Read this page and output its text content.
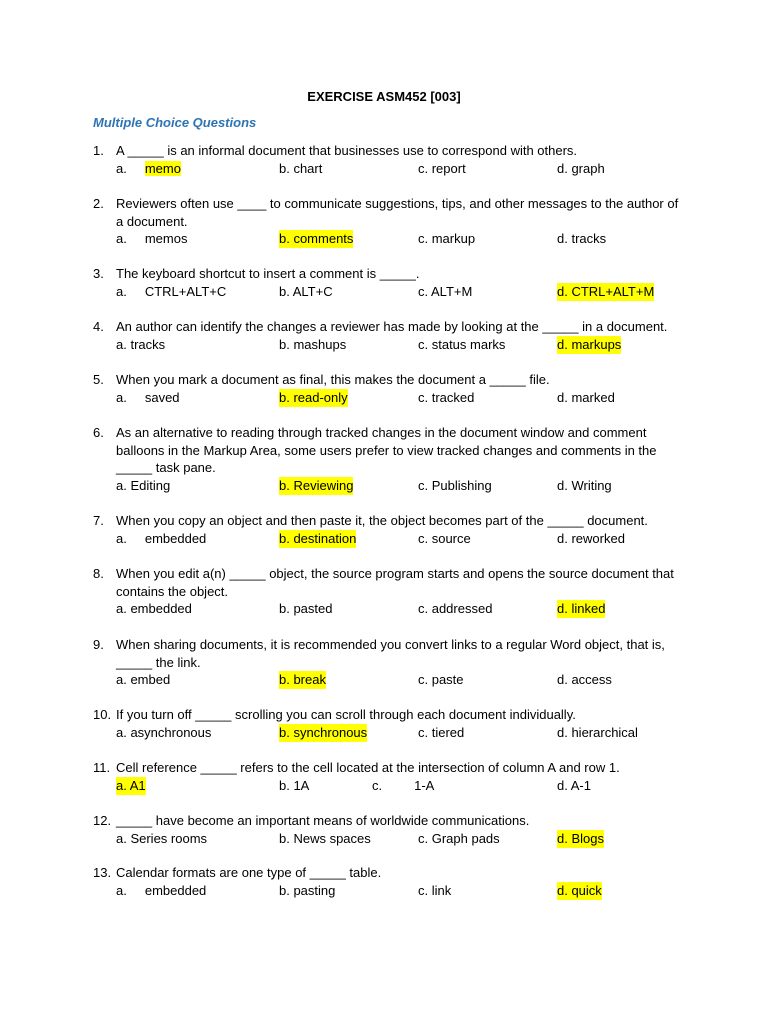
EXERCISE ASM452 [003]
Multiple Choice Questions
1. A _____ is an informal document that businesses use to correspond with others.
a. memo	b. chart	c. report	d. graph
2. Reviewers often use ____ to communicate suggestions, tips, and other messages to the author of a document.
a. memos	b. comments	c. markup	d. tracks
3. The keyboard shortcut to insert a comment is _____.
a. CTRL+ALT+C	b. ALT+C	c. ALT+M	d. CTRL+ALT+M
4. An author can identify the changes a reviewer has made by looking at the _____ in a document.
a. tracks	b. mashups	c. status marks	d. markups
5. When you mark a document as final, this makes the document a _____ file.
a. saved	b. read-only	c. tracked	d. marked
6. As an alternative to reading through tracked changes in the document window and comment balloons in the Markup Area, some users prefer to view tracked changes and comments in the _____ task pane.
a. Editing	b. Reviewing	c. Publishing	d. Writing
7. When you copy an object and then paste it, the object becomes part of the _____ document.
a. embedded	b. destination	c. source	d. reworked
8. When you edit a(n) _____ object, the source program starts and opens the source document that contains the object.
a. embedded	b. pasted	c. addressed	d. linked
9. When sharing documents, it is recommended you convert links to a regular Word object, that is, _____ the link.
a. embed	b. break	c. paste	d. access
10. If you turn off _____ scrolling you can scroll through each document individually.
a. asynchronous	b. synchronous	c. tiered	d. hierarchical
11. Cell reference _____ refers to the cell located at the intersection of column A and row 1.
a. A1	b. 1A	c. 1-A	d. A-1
12. _____ have become an important means of worldwide communications.
a. Series rooms	b. News spaces	c. Graph pads	d. Blogs
13. Calendar formats are one type of _____ table.
a. embedded	b. pasting	c. link	d. quick
